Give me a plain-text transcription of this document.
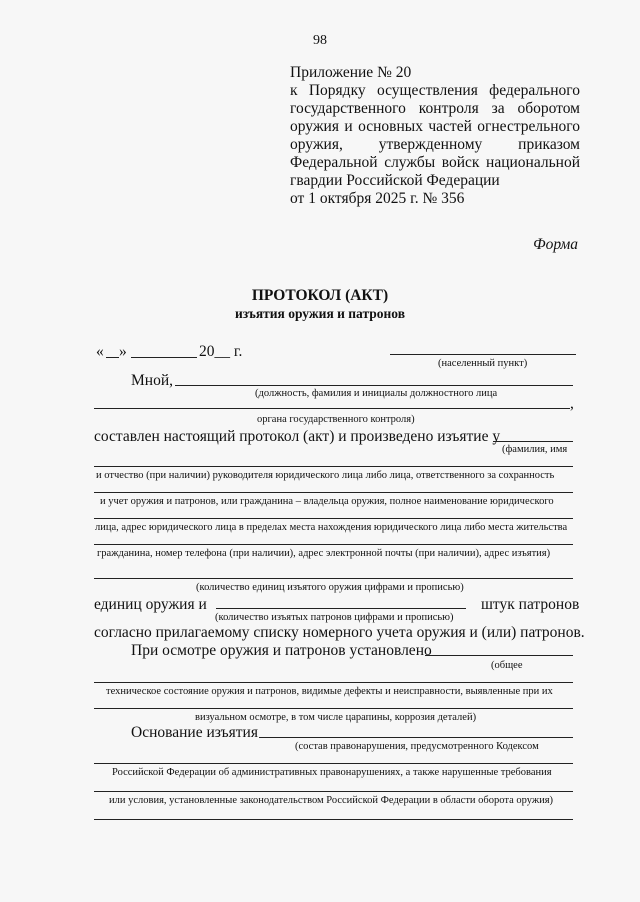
98
Приложение № 20
к Порядку осуществления федерального
государственного контроля за оборотом
оружия и основных частей огнестрельного
оружия, утвержденному приказом
Федеральной службы войск национальной
гвардии Российской Федерации
от 1 октября 2025 г. № 356
Форма
ПРОТОКОЛ (АКТ)
изъятия оружия и патронов
« »	20__ г.
(населенный пункт)
Мной,
(должность, фамилия и инициалы должностного лица
,
органа государственного контроля)
составлен настоящий протокол (акт) и произведено изъятие у
(фамилия, имя
и отчество (при наличии) руководителя юридического лица либо лица, ответственного за сохранность
и учет оружия и патронов, или гражданина – владельца оружия, полное наименование юридического
лица, адрес юридического лица в пределах места нахождения юридического лица либо места жительства
гражданина, номер телефона (при наличии), адрес электронной почты (при наличии), адрес изъятия)
(количество единиц изъятого оружия цифрами и прописью)
единиц оружия и	штук патронов
(количество изъятых патронов цифрами и прописью)
согласно прилагаемому списку номерного учета оружия и (или) патронов.
При осмотре оружия и патронов установлено
(общее
техническое состояние оружия и патронов, видимые дефекты и неисправности, выявленные при их
визуальном осмотре, в том числе царапины, коррозия деталей)
Основание изъятия
(состав правонарушения, предусмотренного Кодексом
Российской Федерации об административных правонарушениях, а также нарушенные требования
или условия, установленные законодательством Российской Федерации в области оборота оружия)
